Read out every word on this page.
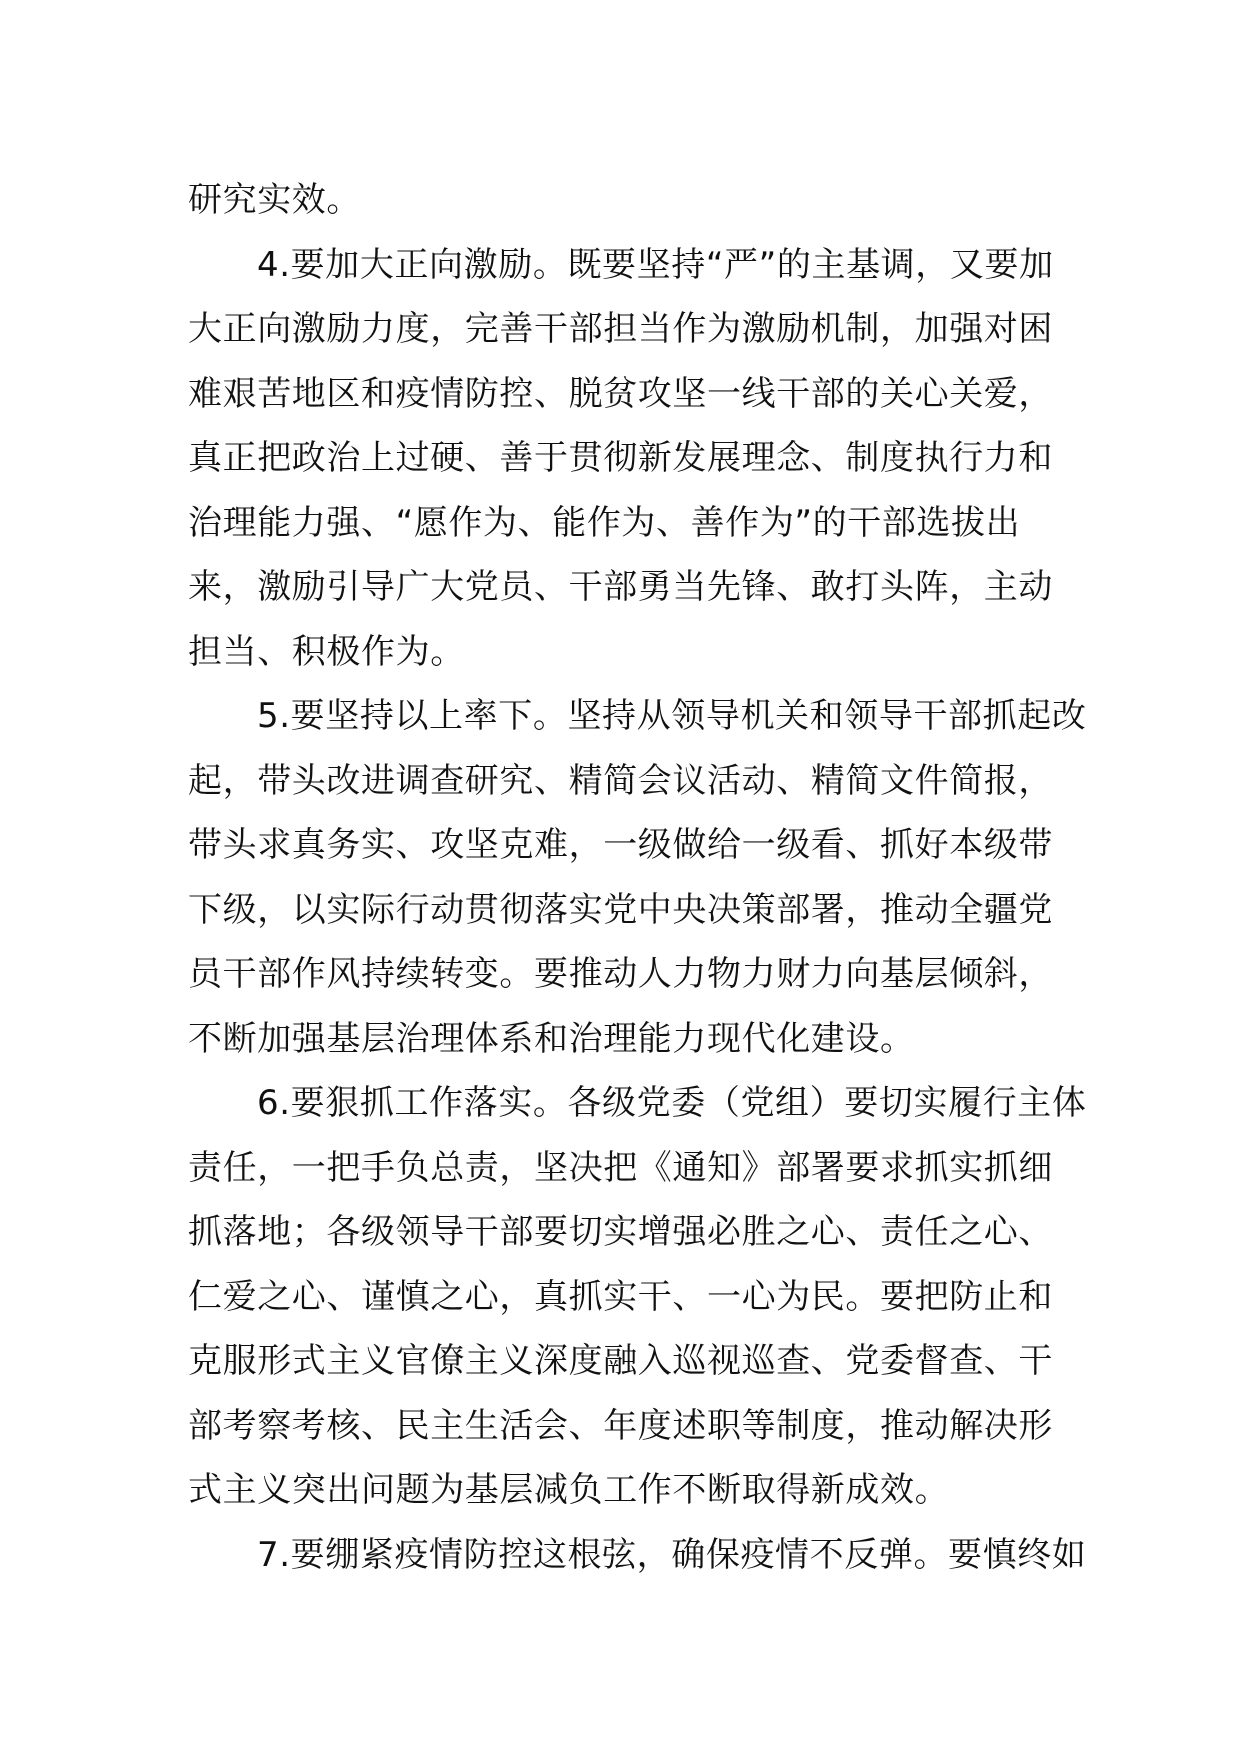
研究实效。
4.要加大正向激励。既要坚持“严”的主基调，又要加
大正向激励力度，完善干部担当作为激励机制，加强对困
难艰苦地区和疫情防控、脱贫攻坚一线干部的关心关爱，
真正把政治上过硬、善于贯彻新发展理念、制度执行力和
治理能力强、“愿作为、能作为、善作为”的干部选拔出
来，激励引导广大党员、干部勇当先锋、敢打头阵，主动
担当、积极作为。
5.要坚持以上率下。坚持从领导机关和领导干部抓起改
起，带头改进调查研究、精简会议活动、精简文件简报，
带头求真务实、攻坚克难，一级做给一级看、抓好本级带
下级，以实际行动贯彻落实党中央决策部署，推动全疆党
员干部作风持续转变。要推动人力物力财力向基层倾斜，
不断加强基层治理体系和治理能力现代化建设。
6.要狠抓工作落实。各级党委（党组）要切实履行主体
责任，一把手负总责，坚决把《通知》部署要求抓实抓细
抓落地；各级领导干部要切实增强必胜之心、责任之心、
仁爱之心、谨慎之心，真抓实干、一心为民。要把防止和
克服形式主义官僚主义深度融入巡视巡查、党委督查、干
部考察考核、民主生活会、年度述职等制度，推动解决形
式主义突出问题为基层减负工作不断取得新成效。
7.要绷紧疫情防控这根弦，确保疫情不反弹。要慎终如
